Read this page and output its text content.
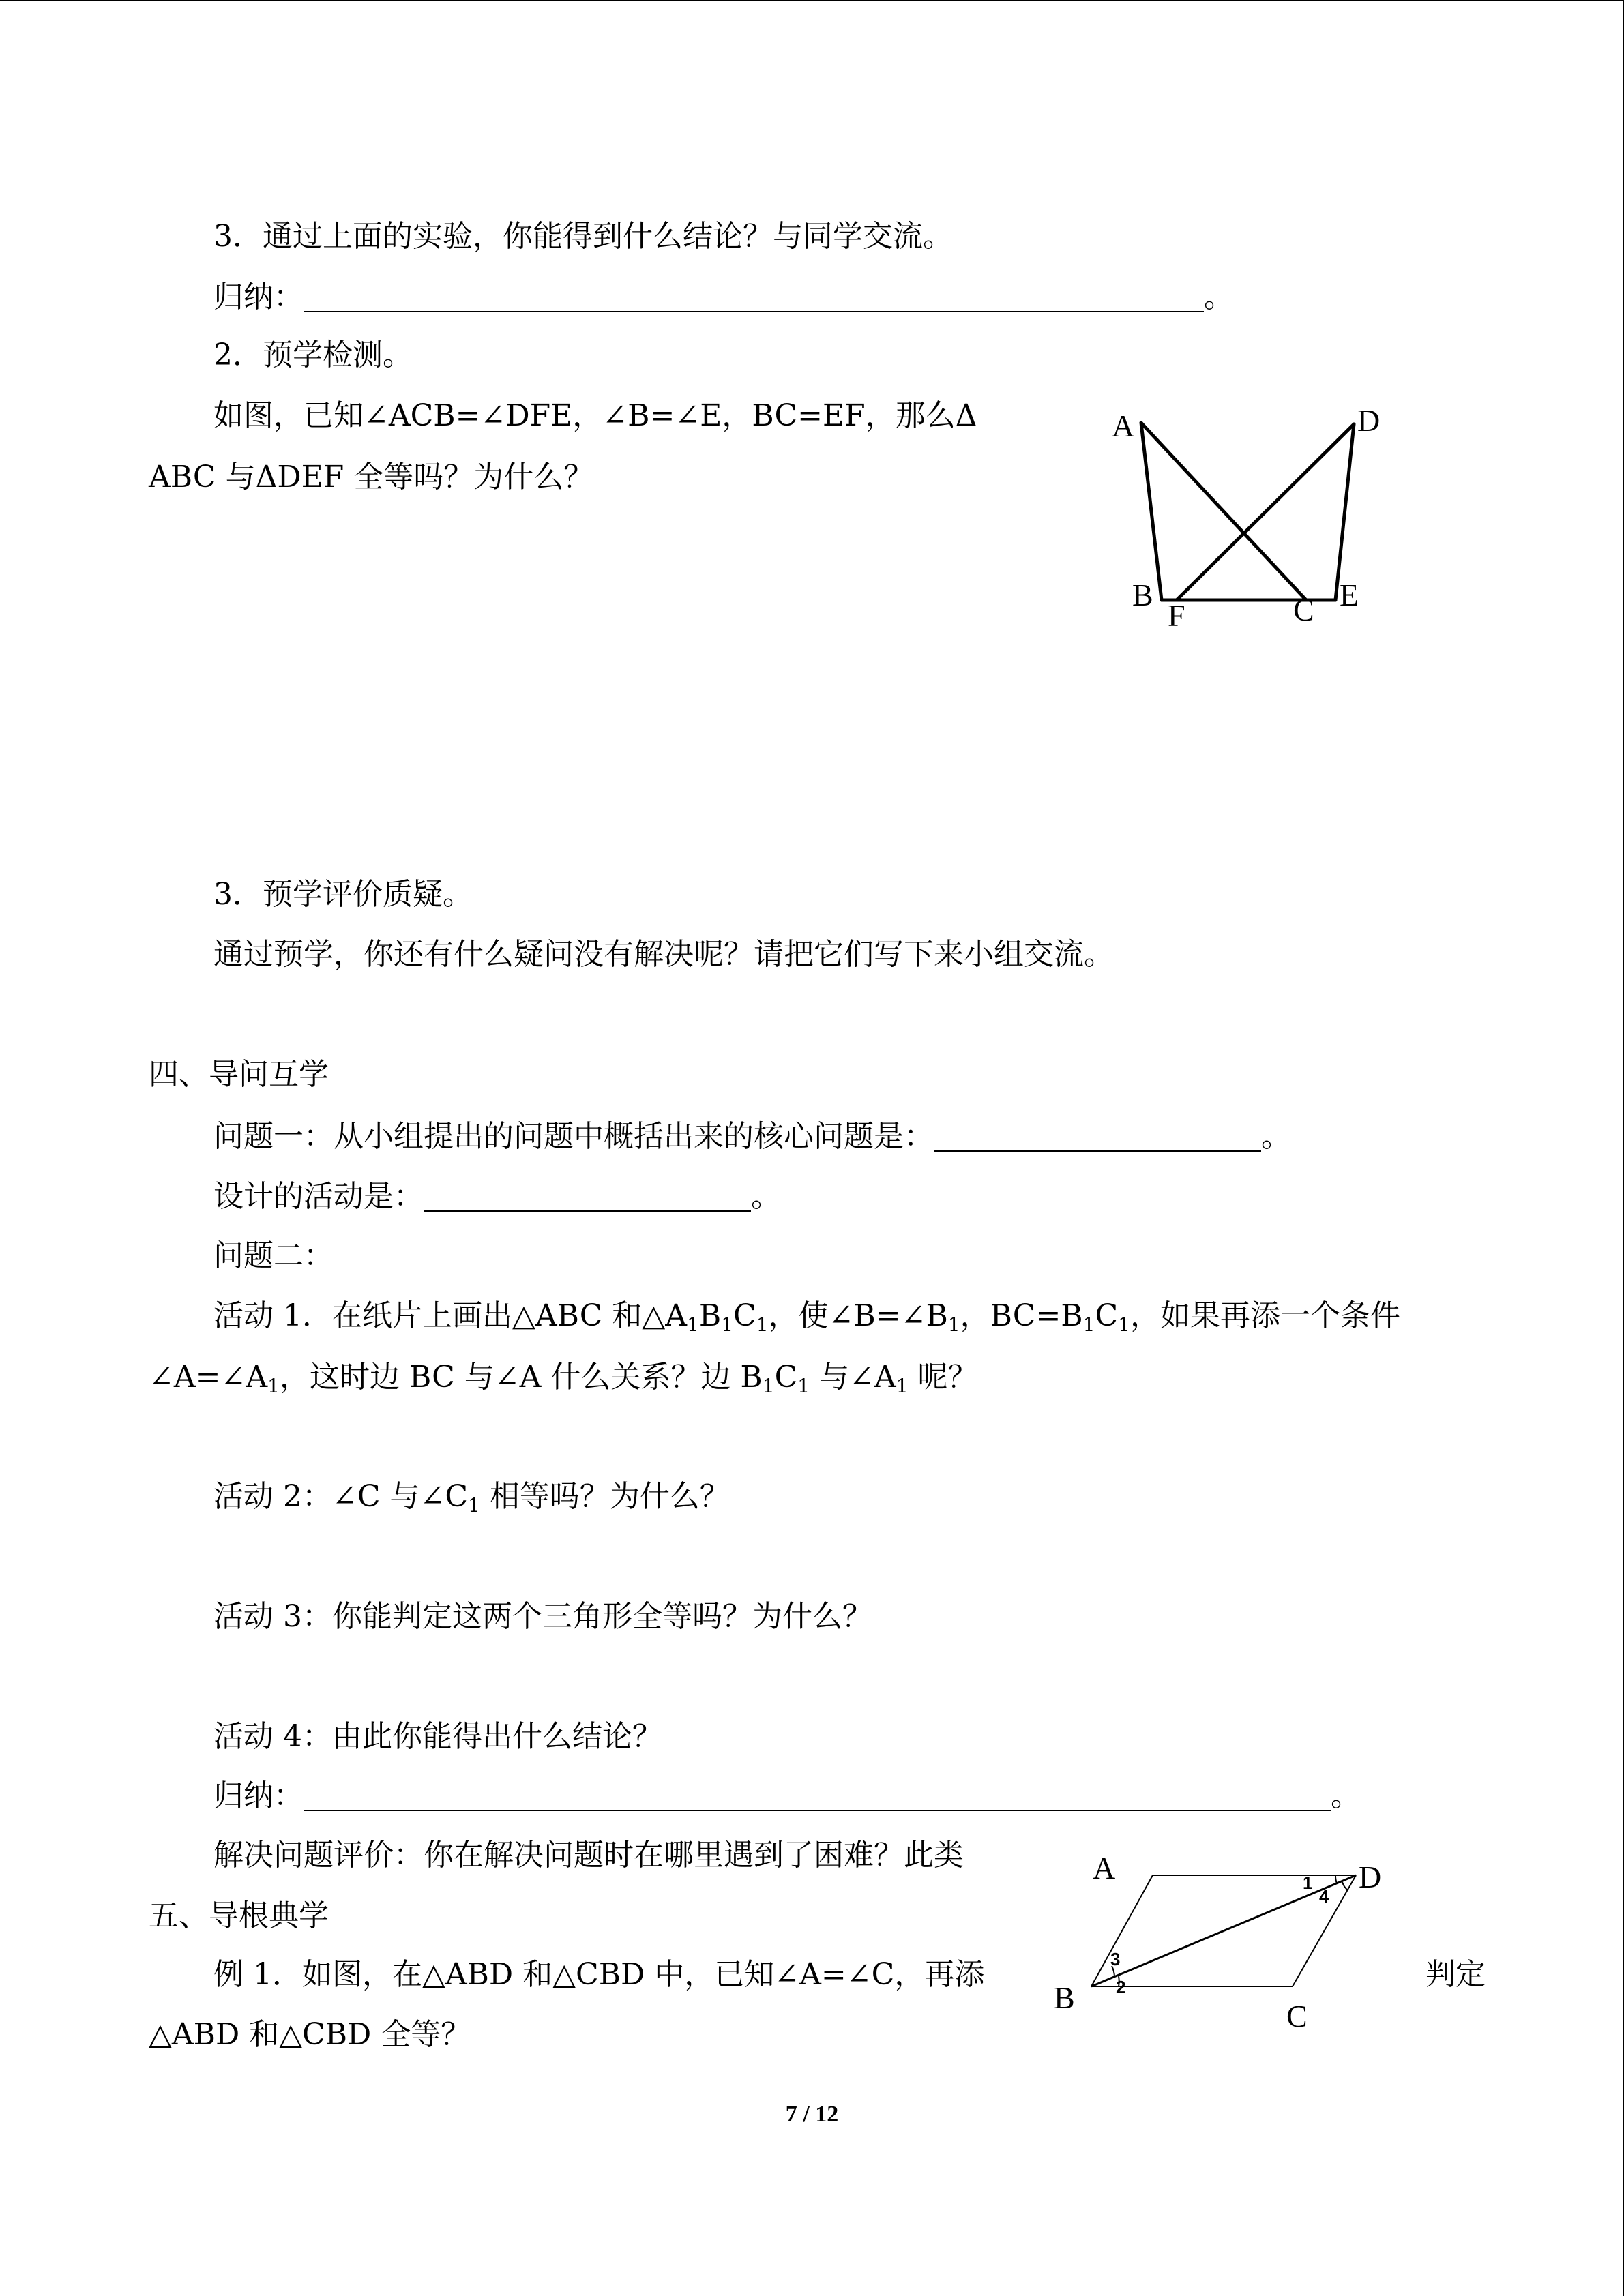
3．通过上面的实验，你能得到什么结论？与同学交流。
归纳：	。
2．预学检测。
如图，已知∠ACB=∠DFE，∠B=∠E，BC=EF，那么Δ
ABC 与ΔDEF 全等吗？为什么？
A	D
B
F	C E
3．预学评价质疑。
通过预学，你还有什么疑问没有解决呢？请把它们写下来小组交流。
四、导问互学
问题一：从小组提出的问题中概括出来的核心问题是：	。
设计的活动是：	。
问题二：
活动 1．在纸片上画出△ABC 和$\triangle A_1B_1C_1$，使$\angle B=\angle B_1$，$BC=B_1C_1$，如果再添一个条件
$\angle A=\angle A_1$，这时边 BC 与∠A 什么关系？边 $B_1C_1$ 与$\angle A_1$ 呢？
活动 2：∠C 与$\angle C_1$ 相等吗？为什么？
活动 3：你能判定这两个三角形全等吗？为什么？
活动 4：由此你能得出什么结论？
归纳：	。
解决问题评价：你在解决问题时在哪里遇到了困难？此类
五、导根典学
例 1．如图，在△ABD 和△CBD 中，已知∠A=∠C，再添	判定
△ABD 和△CBD 全等？
A	D
B
C
1
4
3
2
7 / 12
